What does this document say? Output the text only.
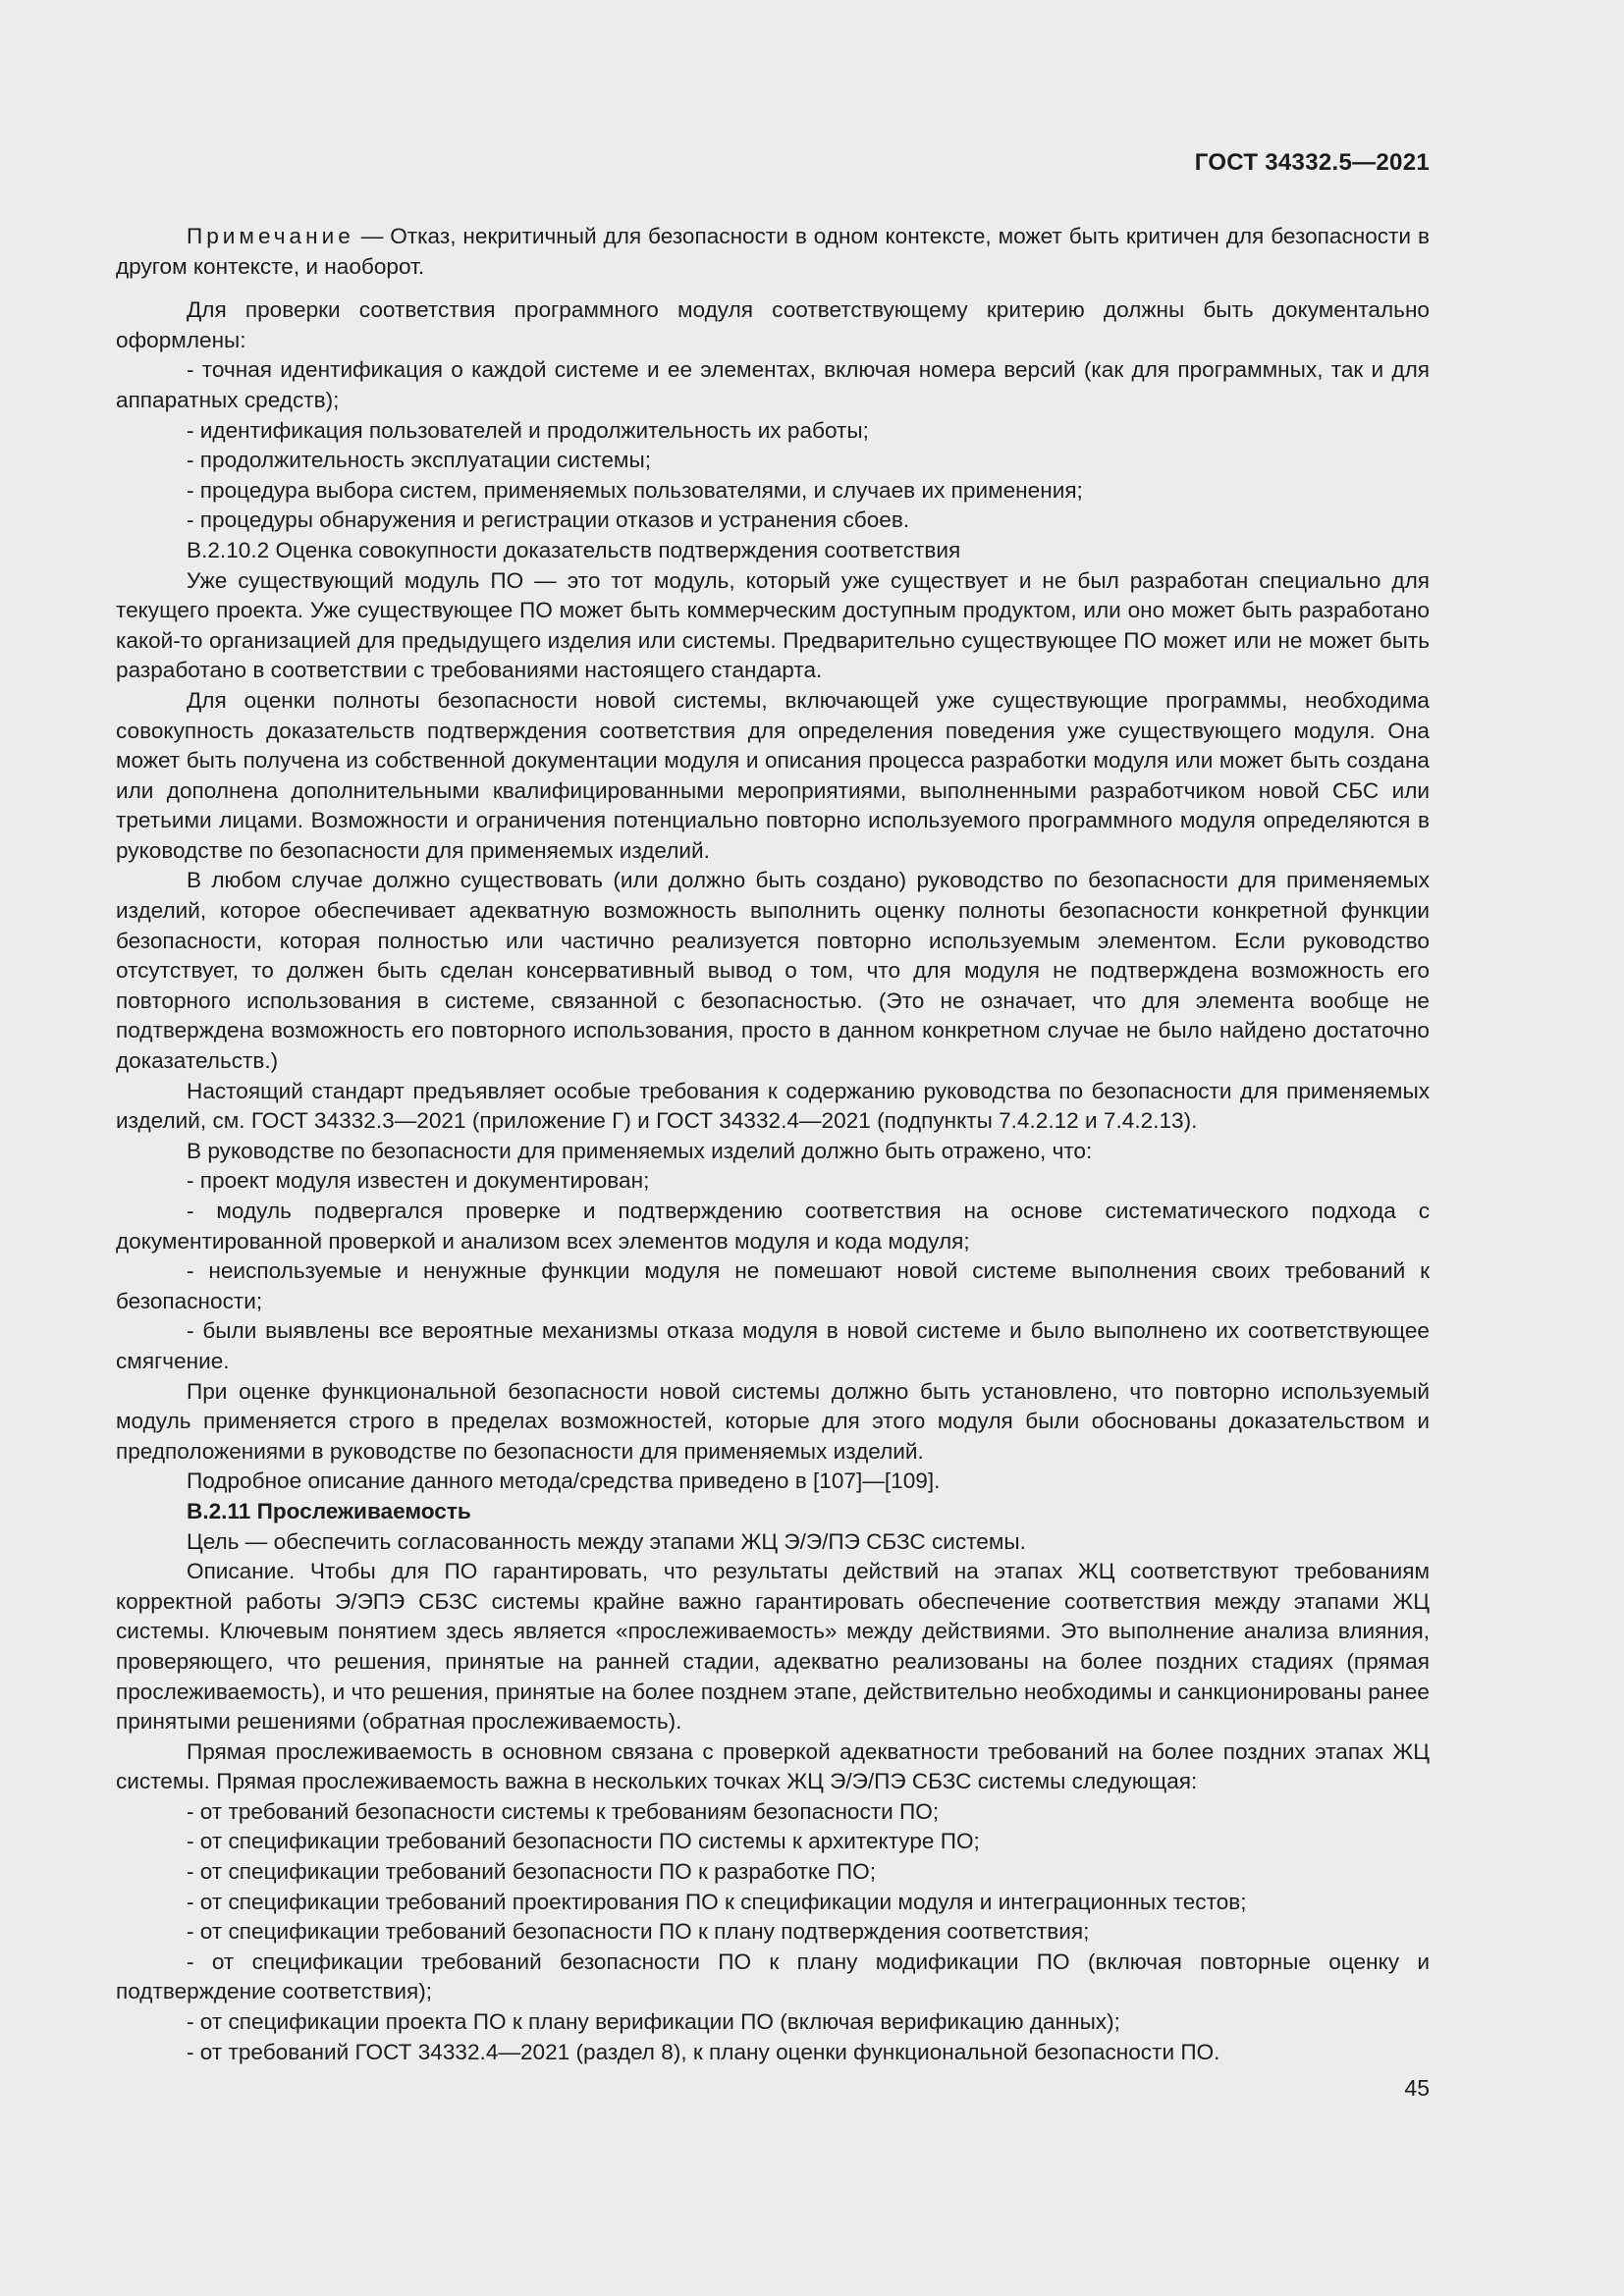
ГОСТ 34332.5—2021

Примечание — Отказ, некритичный для безопасности в одном контексте, может быть критичен для безопасности в другом контексте, и наоборот.

Для проверки соответствия программного модуля соответствующему критерию должны быть документально оформлены:

- точная идентификация о каждой системе и ее элементах, включая номера версий (как для программных, так и для аппаратных средств);

- идентификация пользователей и продолжительность их работы;

- продолжительность эксплуатации системы;

- процедура выбора систем, применяемых пользователями, и случаев их применения;

- процедуры обнаружения и регистрации отказов и устранения сбоев.

В.2.10.2 Оценка совокупности доказательств подтверждения соответствия

Уже существующий модуль ПО — это тот модуль, который уже существует и не был разработан специально для текущего проекта. Уже существующее ПО может быть коммерческим доступным продуктом, или оно может быть разработано какой-то организацией для предыдущего изделия или системы. Предварительно существующее ПО может или не может быть разработано в соответствии с требованиями настоящего стандарта.

Для оценки полноты безопасности новой системы, включающей уже существующие программы, необходима совокупность доказательств подтверждения соответствия для определения поведения уже существующего модуля. Она может быть получена из собственной документации модуля и описания процесса разработки модуля или может быть создана или дополнена дополнительными квалифицированными мероприятиями, выполненными разработчиком новой СБС или третьими лицами. Возможности и ограничения потенциально повторно используемого программного модуля определяются в руководстве по безопасности для применяемых изделий.

В любом случае должно существовать (или должно быть создано) руководство по безопасности для применяемых изделий, которое обеспечивает адекватную возможность выполнить оценку полноты безопасности конкретной функции безопасности, которая полностью или частично реализуется повторно используемым элементом. Если руководство отсутствует, то должен быть сделан консервативный вывод о том, что для модуля не подтверждена возможность его повторного использования в системе, связанной с безопасностью. (Это не означает, что для элемента вообще не подтверждена возможность его повторного использования, просто в данном конкретном случае не было найдено достаточно доказательств.)

Настоящий стандарт предъявляет особые требования к содержанию руководства по безопасности для применяемых изделий, см. ГОСТ 34332.3—2021 (приложение Г) и ГОСТ 34332.4—2021 (подпункты 7.4.2.12 и 7.4.2.13).

В руководстве по безопасности для применяемых изделий должно быть отражено, что:

- проект модуля известен и документирован;

- модуль подвергался проверке и подтверждению соответствия на основе систематического подхода с документированной проверкой и анализом всех элементов модуля и кода модуля;

- неиспользуемые и ненужные функции модуля не помешают новой системе выполнения своих требований к безопасности;

- были выявлены все вероятные механизмы отказа модуля в новой системе и было выполнено их соответствующее смягчение.

При оценке функциональной безопасности новой системы должно быть установлено, что повторно используемый модуль применяется строго в пределах возможностей, которые для этого модуля были обоснованы доказательством и предположениями в руководстве по безопасности для применяемых изделий.

Подробное описание данного метода/средства приведено в [107]—[109].

В.2.11 Прослеживаемость

Цель — обеспечить согласованность между этапами ЖЦ Э/Э/ПЭ СБЗС системы.

Описание. Чтобы для ПО гарантировать, что результаты действий на этапах ЖЦ соответствуют требованиям корректной работы Э/ЭПЭ СБЗС системы крайне важно гарантировать обеспечение соответствия между этапами ЖЦ системы. Ключевым понятием здесь является «прослеживаемость» между действиями. Это выполнение анализа влияния, проверяющего, что решения, принятые на ранней стадии, адекватно реализованы на более поздних стадиях (прямая прослеживаемость), и что решения, принятые на более позднем этапе, действительно необходимы и санкционированы ранее принятыми решениями (обратная прослеживаемость).

Прямая прослеживаемость в основном связана с проверкой адекватности требований на более поздних этапах ЖЦ системы. Прямая прослеживаемость важна в нескольких точках ЖЦ Э/Э/ПЭ СБЗС системы следующая:

- от требований безопасности системы к требованиям безопасности ПО;

- от спецификации требований безопасности ПО системы к архитектуре ПО;

- от спецификации требований безопасности ПО к разработке ПО;

- от спецификации требований проектирования ПО к спецификации модуля и интеграционных тестов;

- от спецификации требований безопасности ПО к плану подтверждения соответствия;

- от спецификации требований безопасности ПО к плану модификации ПО (включая повторные оценку и подтверждение соответствия);

- от спецификации проекта ПО к плану верификации ПО (включая верификацию данных);

- от требований ГОСТ 34332.4—2021 (раздел 8), к плану оценки функциональной безопасности ПО.

45
